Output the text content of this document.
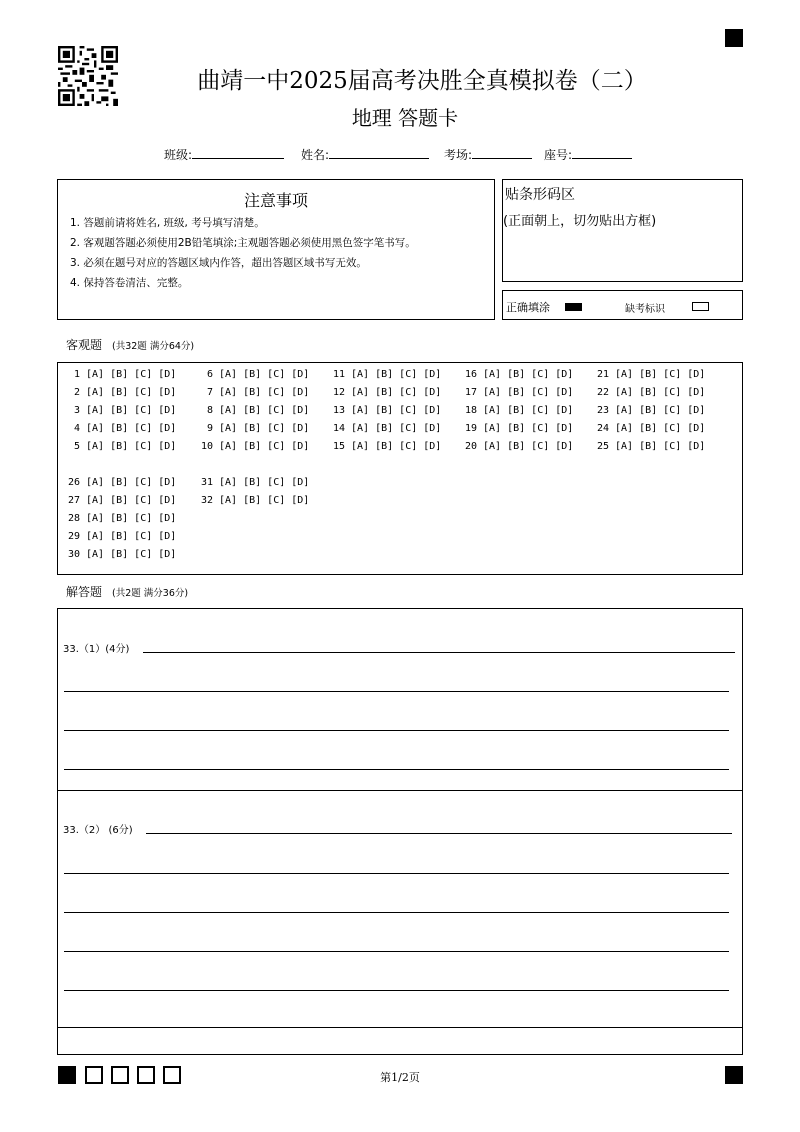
曲靖一中2025届高考决胜全真模拟卷（二）
地理 答题卡
班级:	姓名:	考场:	座号:
注意事项
1. 答题前请将姓名, 班级, 考号填写清楚。
2. 客观题答题必须使用2B铅笔填涂;主观题答题必须使用黑色签字笔书写。
3. 必须在题号对应的答题区域内作答，超出答题区域书写无效。
4. 保持答卷清洁、完整。
贴条形码区
(正面朝上，切勿贴出方框)
正确填涂	缺考标识
客观题 (共32题 满分64分)
1 [A] [B] [C] [D]
2 [A] [B] [C] [D]
3 [A] [B] [C] [D]
4 [A] [B] [C] [D]
5 [A] [B] [C] [D]
6 [A] [B] [C] [D]
7 [A] [B] [C] [D]
8 [A] [B] [C] [D]
9 [A] [B] [C] [D]
10 [A] [B] [C] [D]
11 [A] [B] [C] [D]
12 [A] [B] [C] [D]
13 [A] [B] [C] [D]
14 [A] [B] [C] [D]
15 [A] [B] [C] [D]
16 [A] [B] [C] [D]
17 [A] [B] [C] [D]
18 [A] [B] [C] [D]
19 [A] [B] [C] [D]
20 [A] [B] [C] [D]
21 [A] [B] [C] [D]
22 [A] [B] [C] [D]
23 [A] [B] [C] [D]
24 [A] [B] [C] [D]
25 [A] [B] [C] [D]
26 [A] [B] [C] [D]
27 [A] [B] [C] [D]
28 [A] [B] [C] [D]
29 [A] [B] [C] [D]
30 [A] [B] [C] [D]
31 [A] [B] [C] [D]
32 [A] [B] [C] [D]
解答题 (共2题 满分36分)
33.（1）(4分)
33.（2） (6分)
第1/2页
